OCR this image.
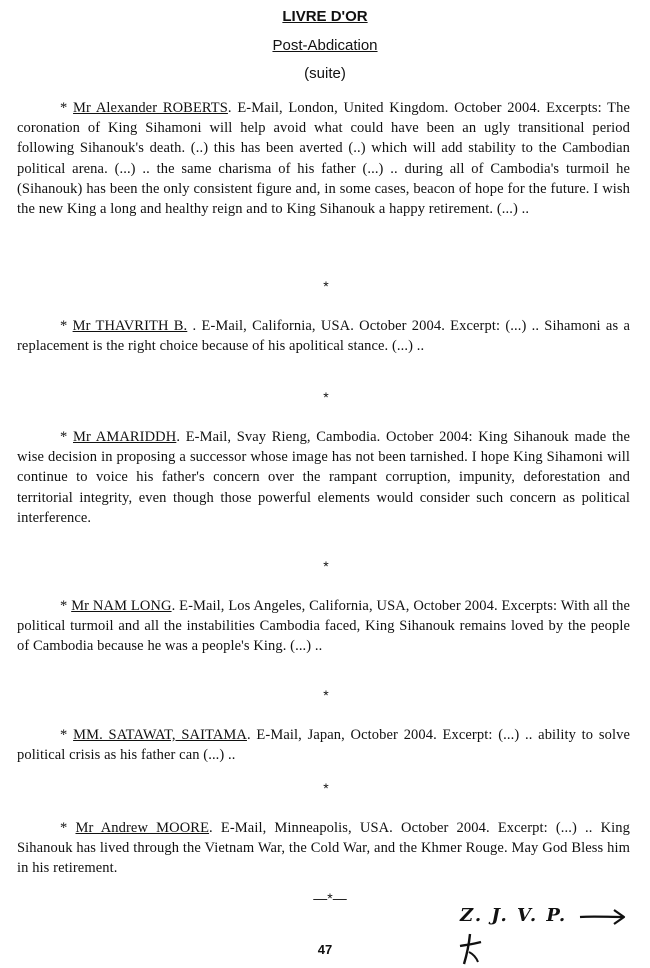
LIVRE D'OR
Post-Abdication
(suite)

* Mr Alexander ROBERTS. E-Mail, London, United Kingdom. October 2004. Excerpts: The coronation of King Sihamoni will help avoid what could have been an ugly transitional period following Sihanouk's death. (..) this has been averted (..) which will add stability to the Cambodian political arena. (...) .. the same charisma of his father (...) .. during all of Cambodia's turmoil he (Sihanouk) has been the only consistent figure and, in some cases, beacon of hope for the future. I wish the new King a long and healthy reign and to King Sihanouk a happy retirement. (...) ..

*

* Mr THAVRITH B. . E-Mail, California, USA. October 2004. Excerpt: (...) .. Sihamoni as a replacement is the right choice because of his apolitical stance. (...) ..

*

* Mr AMARIDDH. E-Mail, Svay Rieng, Cambodia. October 2004: King Sihanouk made the wise decision in proposing a successor whose image has not been tarnished. I hope King Sihamoni will continue to voice his father's concern over the rampant corruption, impunity, deforestation and territorial integrity, even though those powerful elements would consider such concern as political interference.

*

* Mr NAM LONG. E-Mail, Los Angeles, California, USA, October 2004. Excerpts: With all the political turmoil and all the instabilities Cambodia faced, King Sihanouk remains loved by the people of Cambodia because he was a people's King. (...) ..

*

* MM. SATAWAT, SAITAMA. E-Mail, Japan, October 2004. Excerpt: (...) .. ability to solve political crisis as his father can (...) ..

*

* Mr Andrew MOORE. E-Mail, Minneapolis, USA. October 2004. Excerpt: (...) .. King Sihanouk has lived through the Vietnam War, the Cold War, and the Khmer Rouge. May God Bless him in his retirement.

—*—
Z. J. V. P.
47
